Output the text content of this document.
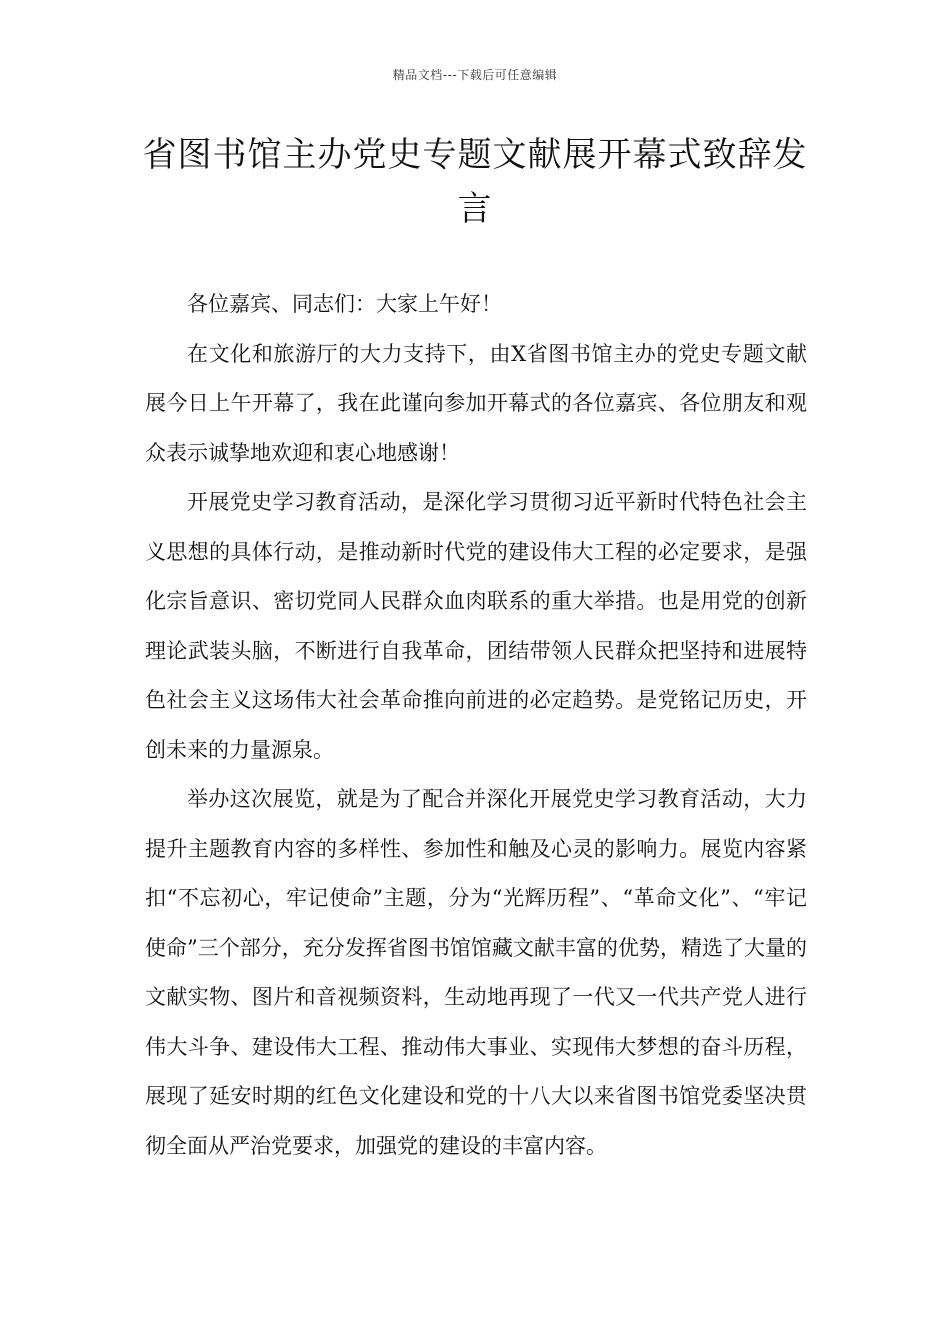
精品文档---下载后可任意编辑
省图书馆主办党史专题文献展开幕式致辞发言

各位嘉宾、同志们：大家上午好！

在文化和旅游厅的大力支持下，由X省图书馆主办的党史专题文献展今日上午开幕了，我在此谨向参加开幕式的各位嘉宾、各位朋友和观众表示诚挚地欢迎和衷心地感谢！

开展党史学习教育活动，是深化学习贯彻习近平新时代特色社会主义思想的具体行动，是推动新时代党的建设伟大工程的必定要求，是强化宗旨意识、密切党同人民群众血肉联系的重大举措。也是用党的创新理论武装头脑，不断进行自我革命，团结带领人民群众把坚持和进展特色社会主义这场伟大社会革命推向前进的必定趋势。是党铭记历史，开创未来的力量源泉。

举办这次展览，就是为了配合并深化开展党史学习教育活动，大力提升主题教育内容的多样性、参加性和触及心灵的影响力。展览内容紧扣“不忘初心，牢记使命”主题，分为“光辉历程”、“革命文化”、“牢记使命”三个部分，充分发挥省图书馆馆藏文献丰富的优势，精选了大量的文献实物、图片和音视频资料，生动地再现了一代又一代共产党人进行伟大斗争、建设伟大工程、推动伟大事业、实现伟大梦想的奋斗历程，展现了延安时期的红色文化建设和党的十八大以来省图书馆党委坚决贯彻全面从严治党要求，加强党的建设的丰富内容。
